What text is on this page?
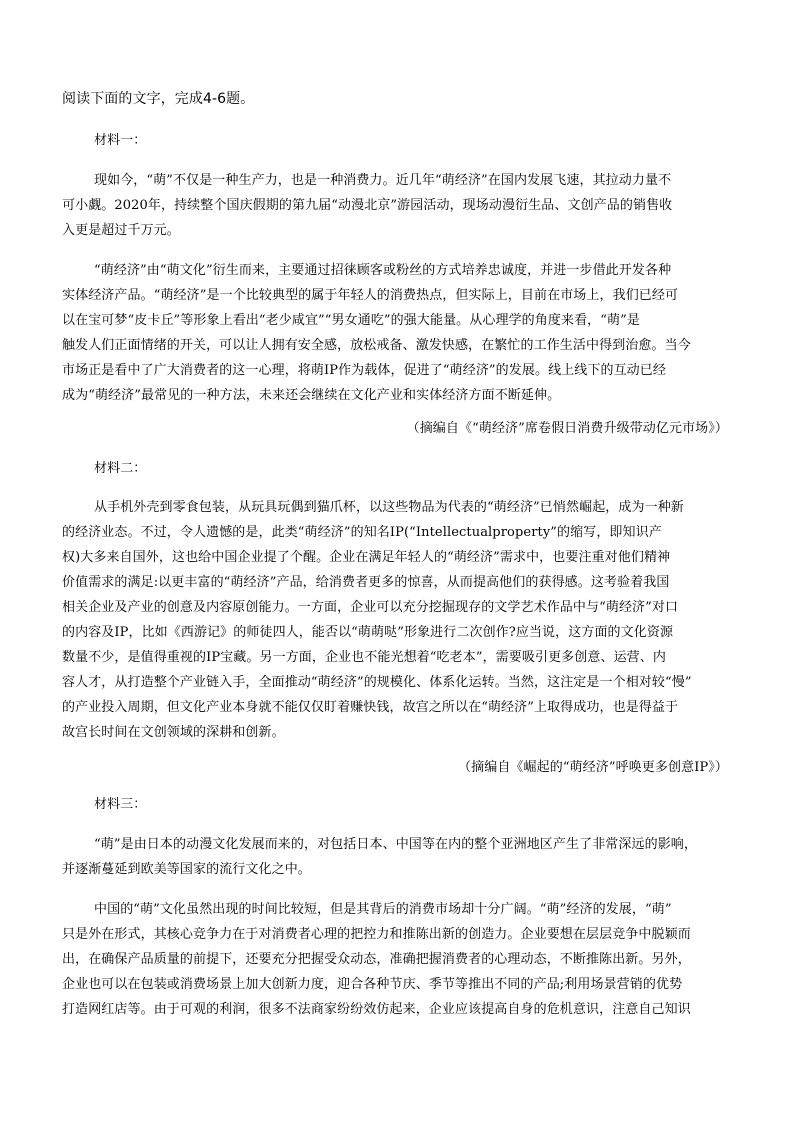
阅读下面的文字，完成4-6题。
材料一：
现如今，“萌”不仅是一种生产力，也是一种消费力。近几年“萌经济”在国内发展飞速，其拉动力量不
可小觑。2020年，持续整个国庆假期的第九届“动漫北京”游园活动，现场动漫衍生品、文创产品的销售收
入更是超过千万元。
“萌经济”由“萌文化”衍生而来，主要通过招徕顾客或粉丝的方式培养忠诚度，并进一步借此开发各种
实体经济产品。“萌经济”是一个比较典型的属于年轻人的消费热点，但实际上，目前在市场上，我们已经可
以在宝可梦“皮卡丘”等形象上看出“老少咸宜”“男女通吃”的强大能量。从心理学的角度来看，“萌”是
触发人们正面情绪的开关，可以让人拥有安全感，放松戒备、激发快感，在繁忙的工作生活中得到治愈。当今
市场正是看中了广大消费者的这一心理，将萌IP作为载体，促进了“萌经济”的发展。线上线下的互动已经
成为“萌经济”最常见的一种方法，未来还会继续在文化产业和实体经济方面不断延伸。
（摘编自《“萌经济”席卷假日消费升级带动亿元市场》）
材料二：
从手机外壳到零食包装，从玩具玩偶到猫爪杯，以这些物品为代表的“萌经济”已悄然崛起，成为一种新
的经济业态。不过，令人遗憾的是，此类“萌经济”的知名IP(“Intellectualproperty”的缩写，即知识产
权)大多来自国外，这也给中国企业提了个醒。企业在满足年轻人的“萌经济”需求中，也要注重对他们精神
价值需求的满足:以更丰富的“萌经济”产品，给消费者更多的惊喜，从而提高他们的获得感。这考验着我国
相关企业及产业的创意及内容原创能力。一方面，企业可以充分挖掘现存的文学艺术作品中与“萌经济”对口
的内容及IP，比如《西游记》的师徒四人，能否以“萌萌哒”形象进行二次创作?应当说，这方面的文化资源
数量不少，是值得重视的IP宝藏。另一方面，企业也不能光想着“吃老本”，需要吸引更多创意、运营、内
容人才，从打造整个产业链入手，全面推动“萌经济”的规模化、体系化运转。当然，这注定是一个相对较“慢”
的产业投入周期，但文化产业本身就不能仅仅盯着赚快钱，故宫之所以在“萌经济”上取得成功，也是得益于
故宫长时间在文创领域的深耕和创新。
（摘编自《崛起的“萌经济”呼唤更多创意IP》）
材料三：
“萌”是由日本的动漫文化发展而来的，对包括日本、中国等在内的整个亚洲地区产生了非常深远的影响，
并逐渐蔓延到欧美等国家的流行文化之中。
中国的“萌”文化虽然出现的时间比较短，但是其背后的消费市场却十分广阔。“萌”经济的发展，“萌”
只是外在形式，其核心竞争力在于对消费者心理的把控力和推陈出新的创造力。企业要想在层层竞争中脱颖而
出，在确保产品质量的前提下，还要充分把握受众动态，准确把握消费者的心理动态，不断推陈出新。另外，
企业也可以在包装或消费场景上加大创新力度，迎合各种节庆、季节等推出不同的产品;利用场景营销的优势
打造网红店等。由于可观的利润，很多不法商家纷纷效仿起来，企业应该提高自身的危机意识，注意自己知识
